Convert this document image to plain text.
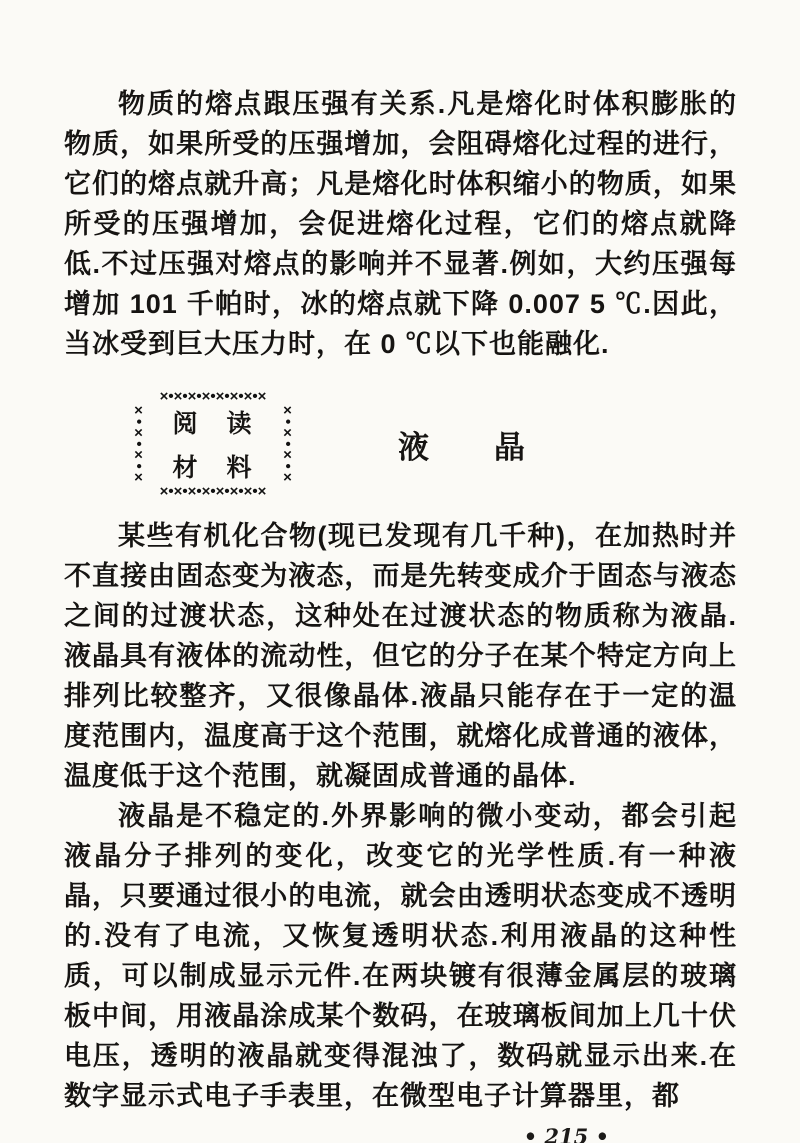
物质的熔点跟压强有关系.凡是熔化时体积膨胀的物质，如果所受的压强增加，会阻碍熔化过程的进行，它们的熔点就升高；凡是熔化时体积缩小的物质，如果所受的压强增加，会促进熔化过程，它们的熔点就降低.不过压强对熔点的影响并不显著.例如，大约压强每增加 101 千帕时，冰的熔点就下降 0.007 5 ℃.因此，当冰受到巨大压力时，在 0 ℃以下也能融化.

×•×•×•×•×•×•×•×
×•×•×•×•×•×•×•×
×•×•×•×	×•×•×•×
阅　读
材　料
液　　晶

某些有机化合物(现已发现有几千种)，在加热时并不直接由固态变为液态，而是先转变成介于固态与液态之间的过渡状态，这种处在过渡状态的物质称为液晶.液晶具有液体的流动性，但它的分子在某个特定方向上排列比较整齐，又很像晶体.液晶只能存在于一定的温度范围内，温度高于这个范围，就熔化成普通的液体，温度低于这个范围，就凝固成普通的晶体.

液晶是不稳定的.外界影响的微小变动，都会引起液晶分子排列的变化，改变它的光学性质.有一种液晶，只要通过很小的电流，就会由透明状态变成不透明的.没有了电流，又恢复透明状态.利用液晶的这种性质，可以制成显示元件.在两块镀有很薄金属层的玻璃板中间，用液晶涂成某个数码，在玻璃板间加上几十伏电压，透明的液晶就变得混浊了，数码就显示出来.在数字显示式电子手表里，在微型电子计算器里，都

• 215 •
